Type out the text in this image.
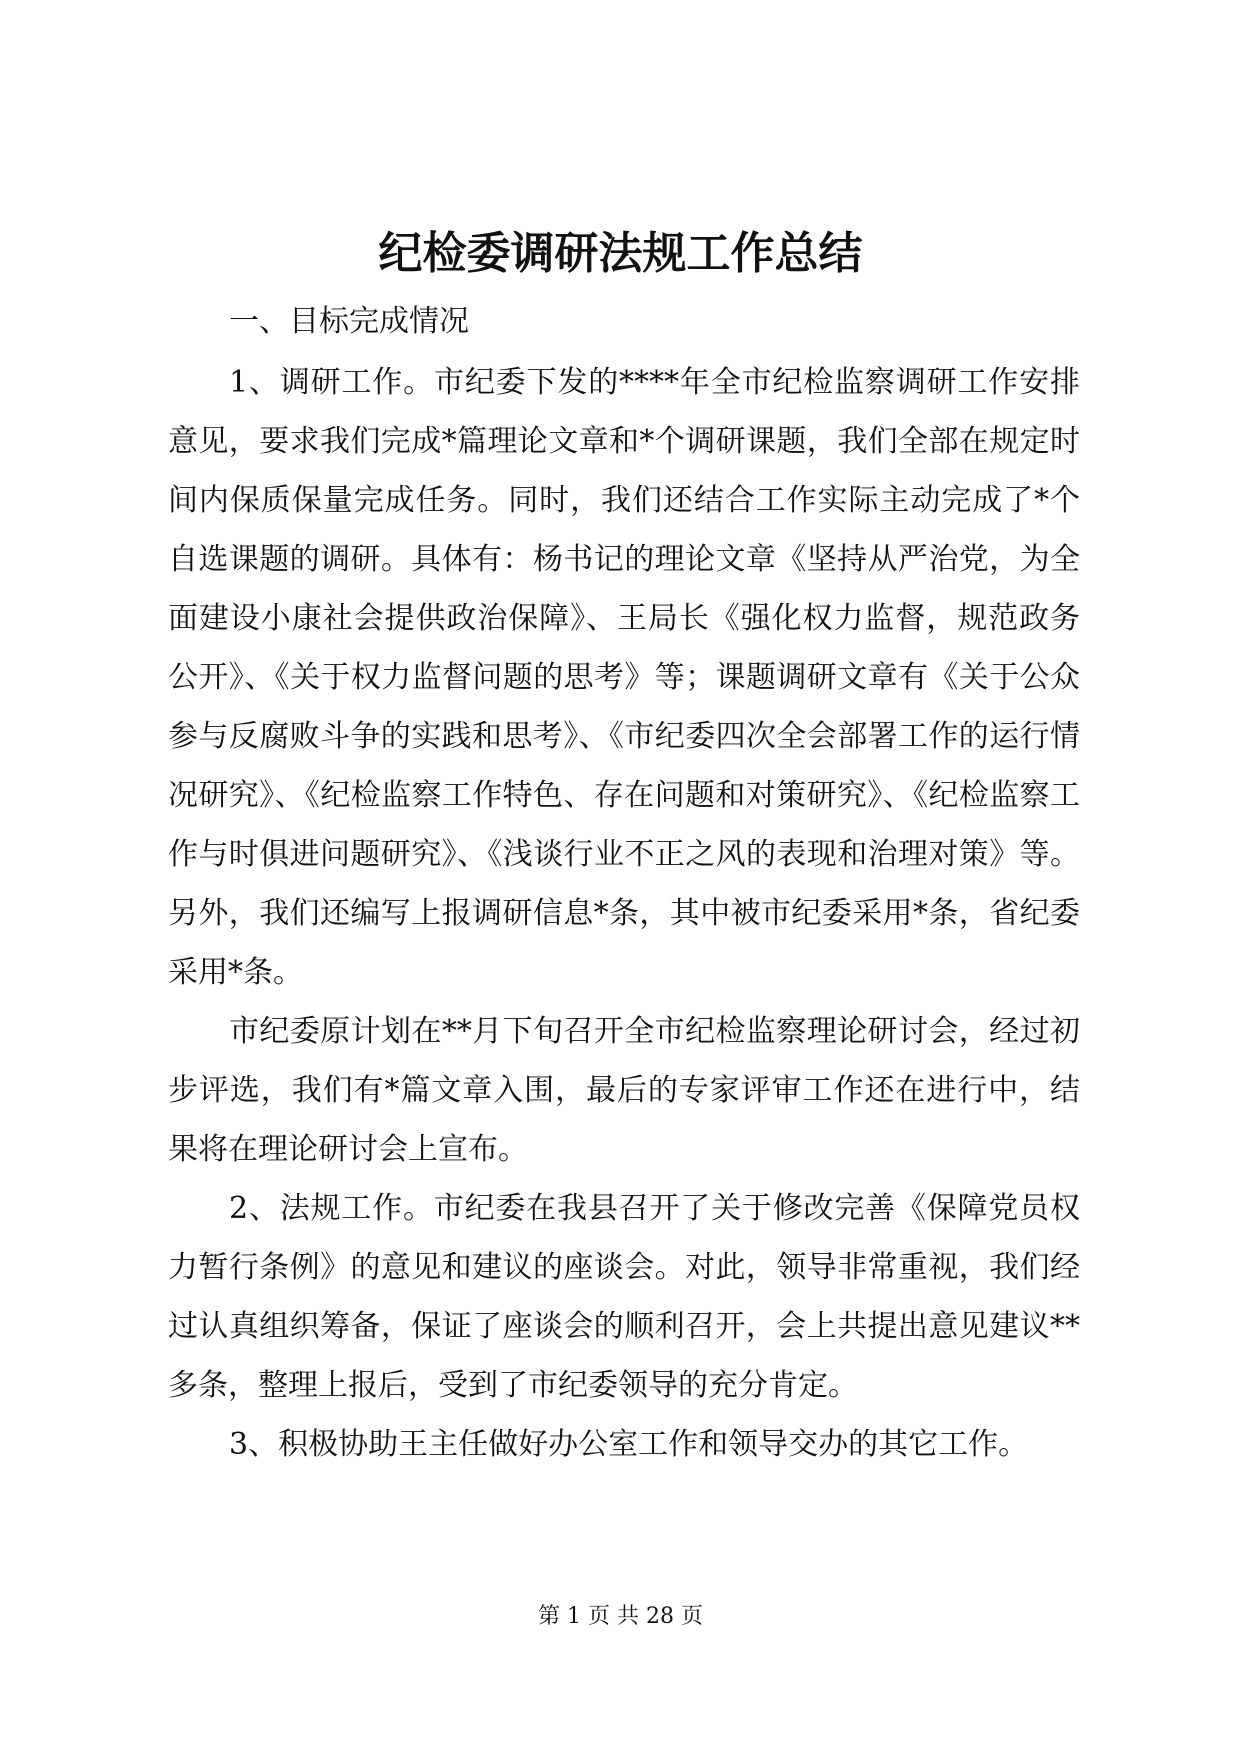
纪检委调研法规工作总结

一、目标完成情况

1、调研工作。市纪委下发的****年全市纪检监察调研工作安排意见，要求我们完成*篇理论文章和*个调研课题，我们全部在规定时间内保质保量完成任务。同时，我们还结合工作实际主动完成了*个自选课题的调研。具体有：杨书记的理论文章《坚持从严治党，为全面建设小康社会提供政治保障》、王局长《强化权力监督，规范政务公开》、《关于权力监督问题的思考》等；课题调研文章有《关于公众参与反腐败斗争的实践和思考》、《市纪委四次全会部署工作的运行情况研究》、《纪检监察工作特色、存在问题和对策研究》、《纪检监察工作与时俱进问题研究》、《浅谈行业不正之风的表现和治理对策》等。另外，我们还编写上报调研信息*条，其中被市纪委采用*条，省纪委采用*条。

市纪委原计划在**月下旬召开全市纪检监察理论研讨会，经过初步评选，我们有*篇文章入围，最后的专家评审工作还在进行中，结果将在理论研讨会上宣布。

2、法规工作。市纪委在我县召开了关于修改完善《保障党员权力暂行条例》的意见和建议的座谈会。对此，领导非常重视，我们经过认真组织筹备，保证了座谈会的顺利召开，会上共提出意见建议**多条，整理上报后，受到了市纪委领导的充分肯定。

3、积极协助王主任做好办公室工作和领导交办的其它工作。

第 1 页 共 28 页
